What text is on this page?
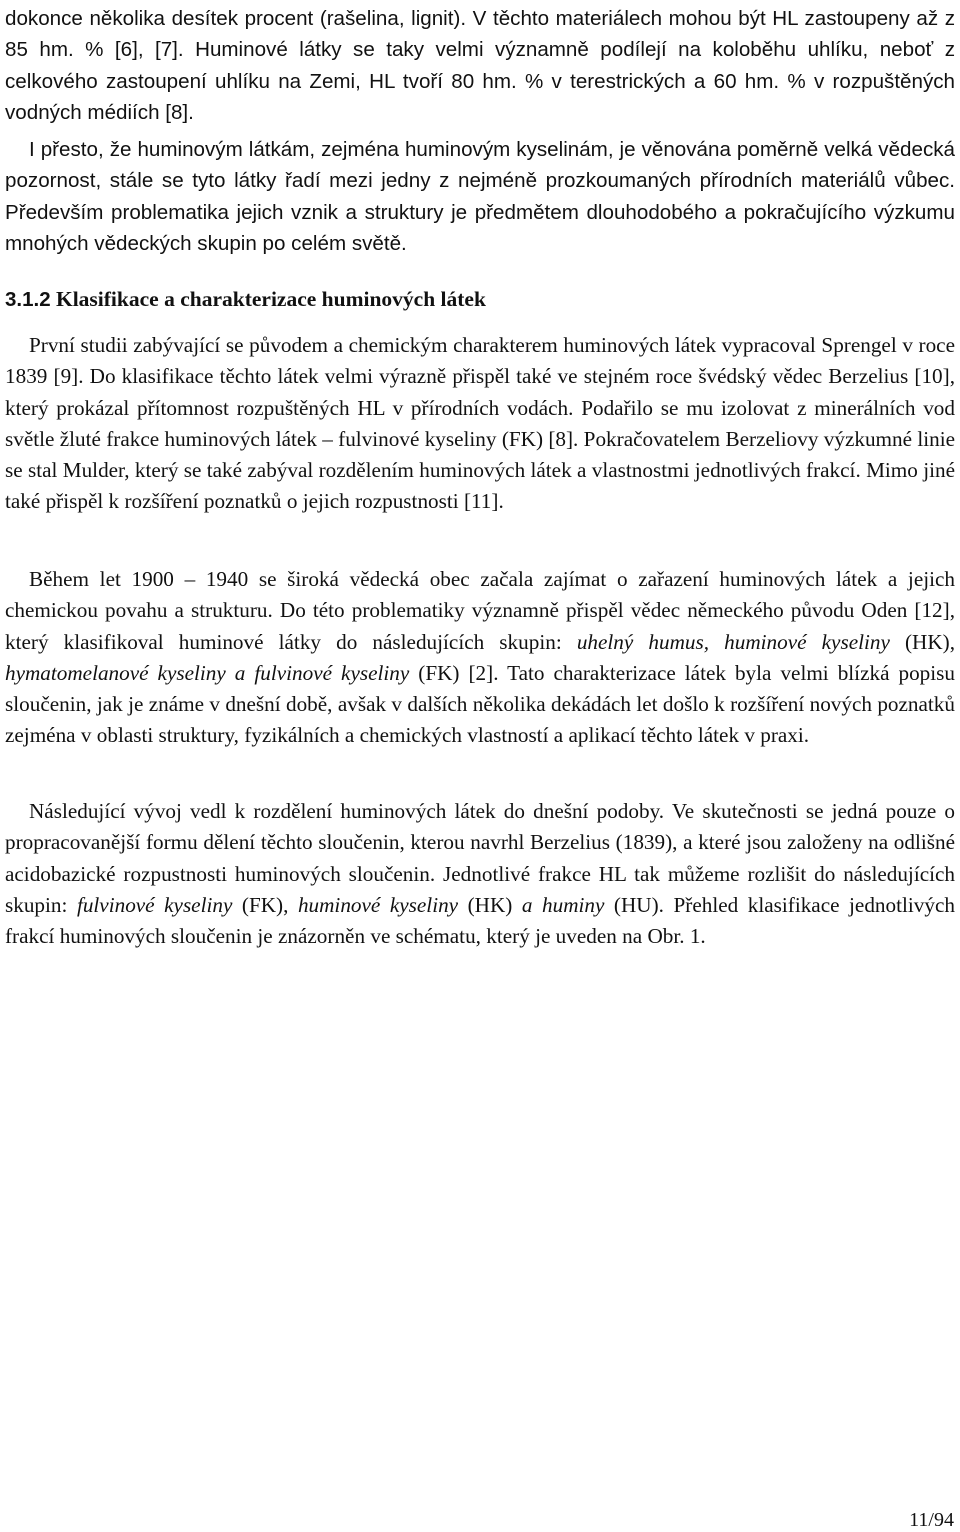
dokonce několika desítek procent (rašelina, lignit). V těchto materiálech mohou být HL zastoupeny až z 85 hm. % [6], [7]. Huminové látky se taky velmi významně podílejí na koloběhu uhlíku, neboť z celkového zastoupení uhlíku na Zemi, HL tvoří 80 hm. % v terestrických a 60 hm. % v rozpuštěných vodných médiích [8].

I přesto, že huminovým látkám, zejména huminovým kyselinám, je věnována poměrně velká vědecká pozornost, stále se tyto látky řadí mezi jedny z nejméně prozkoumaných přírodních materiálů vůbec. Především problematika jejich vznik a struktury je předmětem dlouhodobého a pokračujícího výzkumu mnohých vědeckých skupin po celém světě.

3.1.2 Klasifikace a charakterizace huminových látek

První studii zabývající se původem a chemickým charakterem huminových látek vypracoval Sprengel v roce 1839 [9]. Do klasifikace těchto látek velmi výrazně přispěl také ve stejném roce švédský vědec Berzelius [10], který prokázal přítomnost rozpuštěných HL v přírodních vodách. Podařilo se mu izolovat z minerálních vod světle žluté frakce huminových látek – fulvinové kyseliny (FK) [8]. Pokračovatelem Berzeliovy výzkumné linie se stal Mulder, který se také zabýval rozdělením huminových látek a vlastnostmi jednotlivých frakcí. Mimo jiné také přispěl k rozšíření poznatků o jejich rozpustnosti [11].

Během let 1900 – 1940 se široká vědecká obec začala zajímat o zařazení huminových látek a jejich chemickou povahu a strukturu. Do této problematiky významně přispěl vědec německého původu Oden [12], který klasifikoval huminové látky do následujících skupin: uhelný humus, huminové kyseliny (HK), hymatomelanové kyseliny a fulvinové kyseliny (FK) [2]. Tato charakterizace látek byla velmi blízká popisu sloučenin, jak je známe v dnešní době, avšak v dalších několika dekádách let došlo k rozšíření nových poznatků zejména v oblasti struktury, fyzikálních a chemických vlastností a aplikací těchto látek v praxi.

Následující vývoj vedl k rozdělení huminových látek do dnešní podoby. Ve skutečnosti se jedná pouze o propracovanější formu dělení těchto sloučenin, kterou navrhl Berzelius (1839), a které jsou založeny na odlišné acidobazické rozpustnosti huminových sloučenin. Jednotlivé frakce HL tak můžeme rozlišit do následujících skupin: fulvinové kyseliny (FK), huminové kyseliny (HK) a huminy (HU). Přehled klasifikace jednotlivých frakcí huminových sloučenin je znázorněn ve schématu, který je uveden na Obr. 1.

11/94
